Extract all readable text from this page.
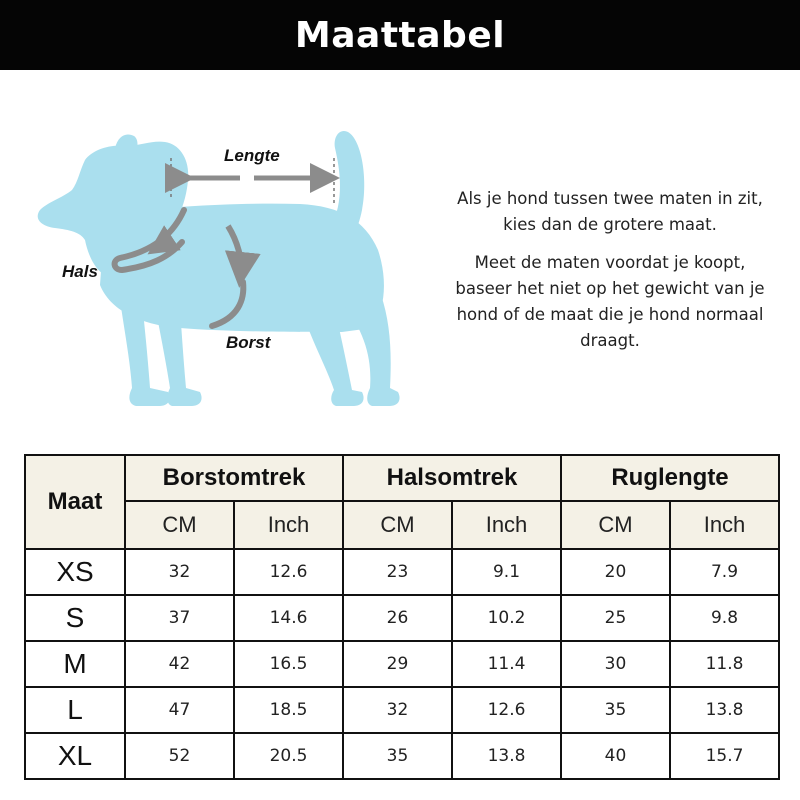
Maattabel
Lengte
Hals
Borst

Als je hond tussen twee maten in zit,
kies dan de grotere maat.

Meet de maten voordat je koopt,
baseer het niet op het gewicht van je
hond of de maat die je hond normaal
draagt.

Maat	Borstomtrek		Halsomtrek		Ruglengte	
	CM	Inch	CM	Inch	CM	Inch
XS	32	12.6	23	9.1	20	7.9
S	37	14.6	26	10.2	25	9.8
M	42	16.5	29	11.4	30	11.8
L	47	18.5	32	12.6	35	13.8
XL	52	20.5	35	13.8	40	15.7
